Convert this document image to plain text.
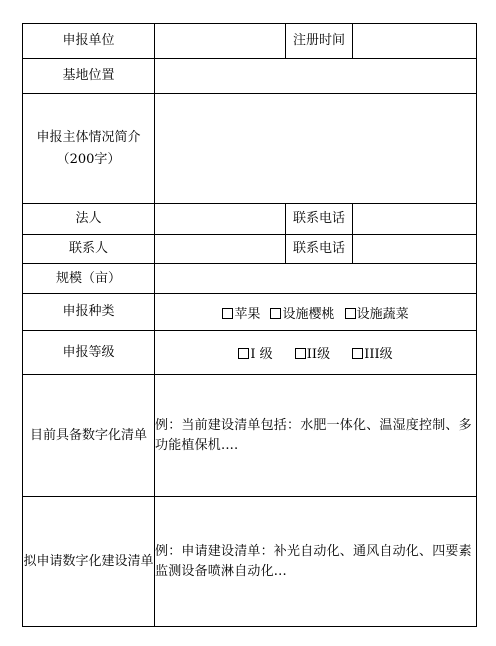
申报单位		注册时间	
基地位置			

申报主体情况简介
（200字）			

法人		联系电话	
联系人		联系电话	
规模（亩）			
申报种类	苹果 设施樱桃 设施蔬菜		
申报等级	I 级 II级 III级		
目前具备数字化清单	例：当前建设清单包括：水肥一体化、温湿度控制、多功能植保机....		
拟申请数字化建设清单	例：申请建设清单：补光自动化、通风自动化、四要素监测设备喷淋自动化...		
